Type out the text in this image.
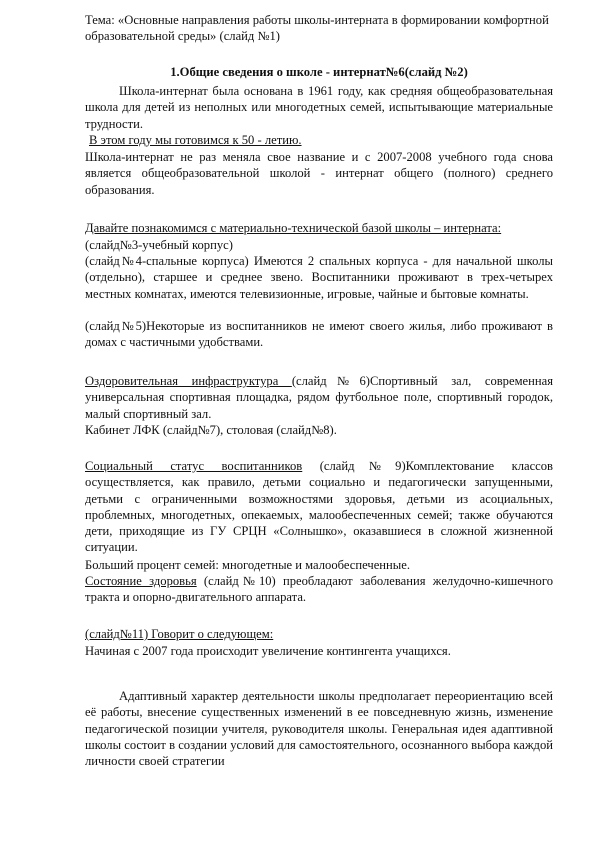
Тема: «Основные направления работы школы-интерната в формировании комфортной образовательной среды» (слайд №1)

1.Общие сведения о школе - интернат№6(слайд №2)

Школа-интернат была основана в 1961 году, как средняя общеобразовательная школа для детей из неполных или многодетных семей, испытывающие материальные трудности.

В этом году мы готовимся к 50 - летию.

Школа-интернат не раз меняла свое название и с 2007-2008 учебного года снова является общеобразовательной школой - интернат общего (полного) среднего образования.

Давайте познакомимся с материально-технической базой школы – интерната:

(слайд№3-учебный корпус)

(слайд№4-спальные корпуса) Имеются 2 спальных корпуса - для начальной школы (отдельно), старшее и среднее звено. Воспитанники проживают в трех-четырех местных комнатах, имеются телевизионные, игровые, чайные и бытовые комнаты.

(слайд№5)Некоторые из воспитанников не имеют своего жилья, либо проживают в домах с частичными удобствами.

Оздоровительная инфраструктура (слайд№6)Спортивный зал, современная универсальная спортивная площадка, рядом футбольное поле, спортивный городок, малый спортивный зал.

Кабинет ЛФК (слайд№7), столовая (слайд№8).

Социальный статус воспитанников (слайд№9)Комплектование классов осуществляется, как правило, детьми социально и педагогически запущенными, детьми с ограниченными возможностями здоровья, детьми из асоциальных, проблемных, многодетных, опекаемых, малообеспеченных семей; также обучаются дети, приходящие из ГУ СРЦН «Солнышко», оказавшиеся в сложной жизненной ситуации.

Больший процент семей: многодетные и малообеспеченные.

Состояние здоровья (слайд№10) преобладают заболевания желудочно-кишечного тракта и опорно-двигательного аппарата.

(слайд№11) Говорит о следующем:

Начиная с 2007 года происходит увеличение контингента учащихся.

Адаптивный характер деятельности школы предполагает переориентацию всей её работы, внесение существенных изменений в ее повседневную жизнь, изменение педагогической позиции учителя, руководителя школы. Генеральная идея адаптивной школы состоит в создании условий для самостоятельного, осознанного выбора каждой личности своей стратегии
